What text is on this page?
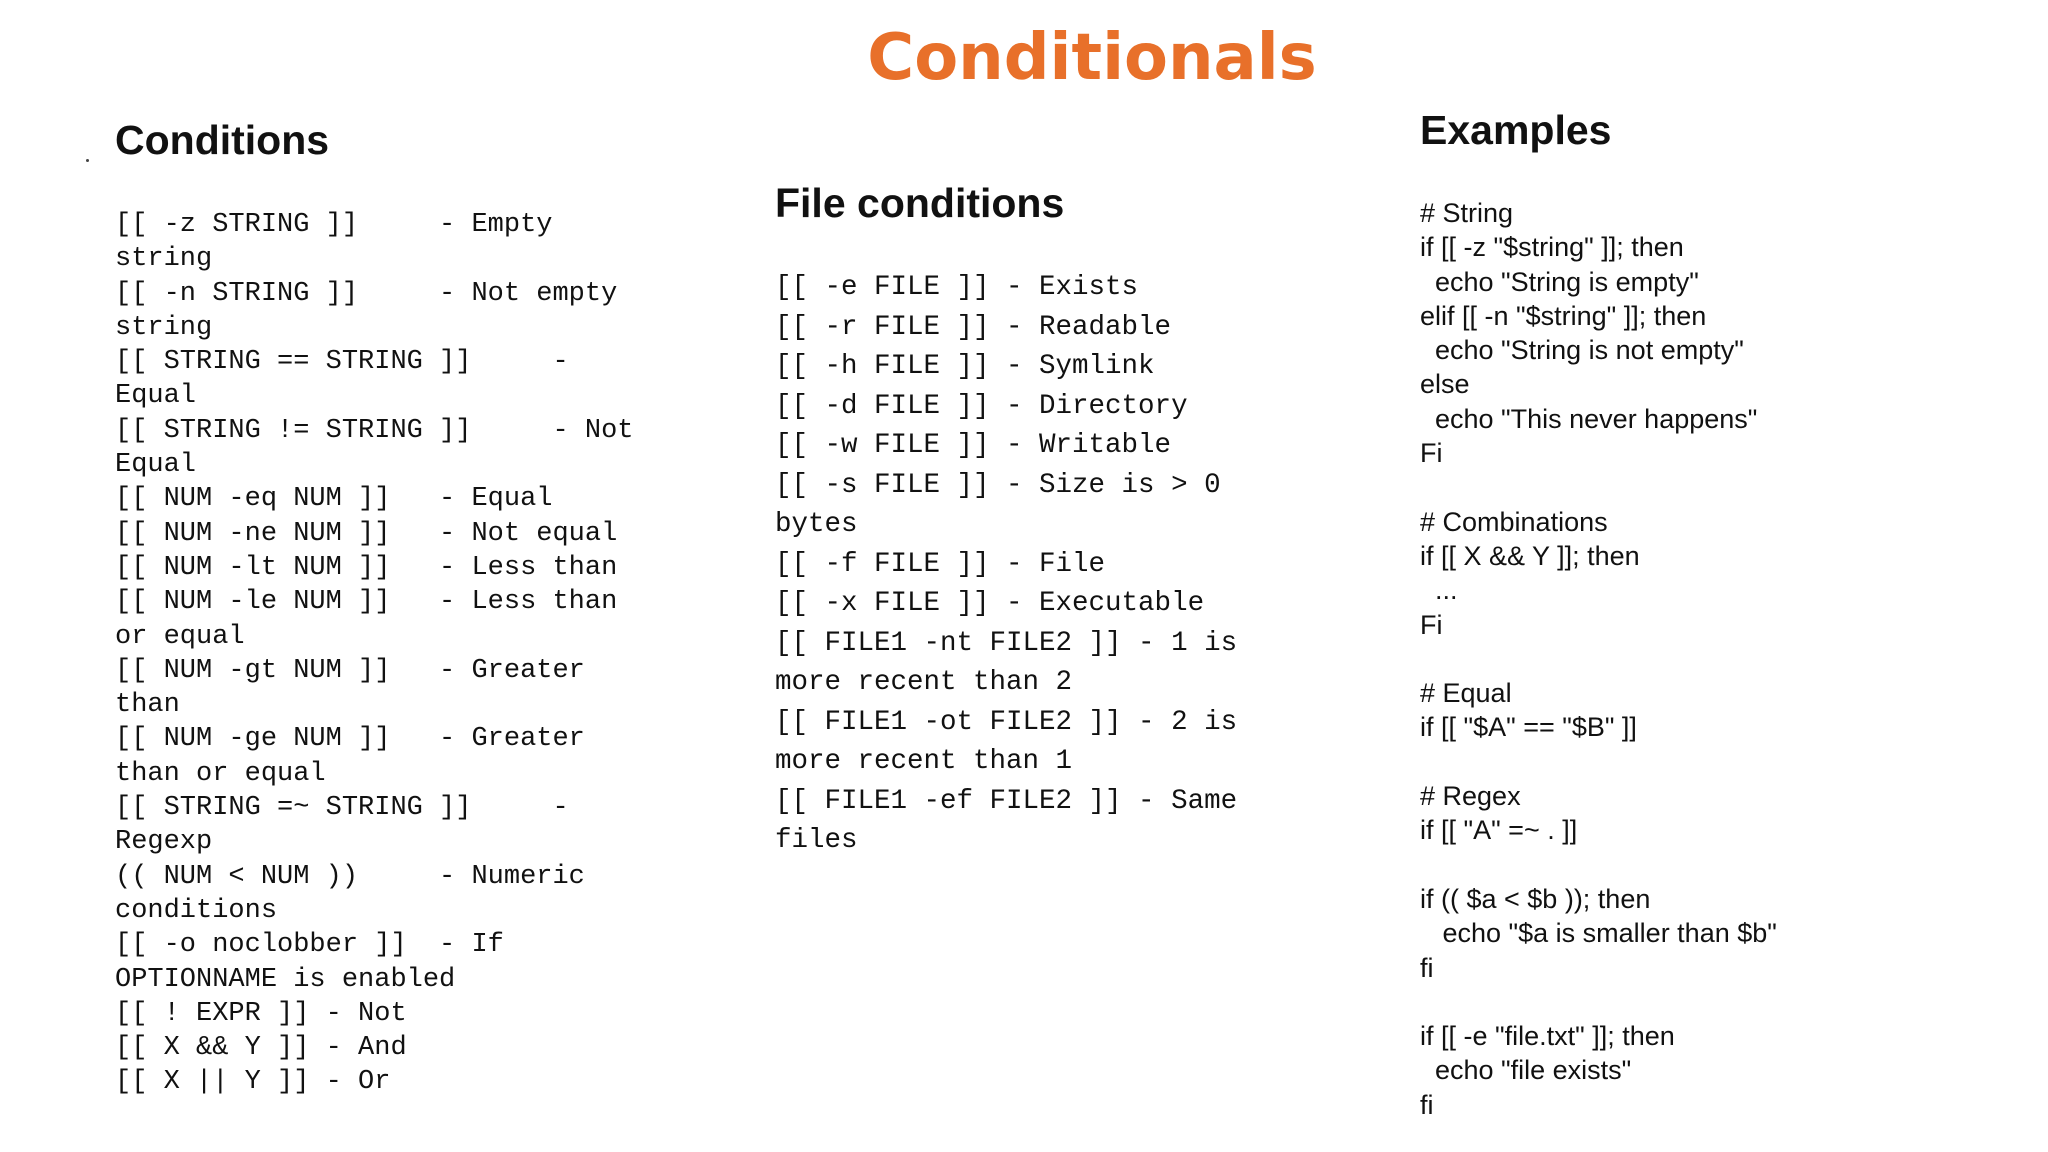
Conditionals
Conditions
[[ -z STRING ]]     - Empty
string
[[ -n STRING ]]     - Not empty
string
[[ STRING == STRING ]]     -
Equal
[[ STRING != STRING ]]     - Not
Equal
[[ NUM -eq NUM ]]   - Equal
[[ NUM -ne NUM ]]   - Not equal
[[ NUM -lt NUM ]]   - Less than
[[ NUM -le NUM ]]   - Less than
or equal
[[ NUM -gt NUM ]]   - Greater
than
[[ NUM -ge NUM ]]   - Greater
than or equal
[[ STRING =~ STRING ]]     -
Regexp
(( NUM < NUM ))     - Numeric
conditions
[[ -o noclobber ]]  - If
OPTIONNAME is enabled
[[ ! EXPR ]] - Not
[[ X && Y ]] - And
[[ X || Y ]] - Or
File conditions
[[ -e FILE ]] - Exists
[[ -r FILE ]] - Readable
[[ -h FILE ]] - Symlink
[[ -d FILE ]] - Directory
[[ -w FILE ]] - Writable
[[ -s FILE ]] - Size is > 0
bytes
[[ -f FILE ]] - File
[[ -x FILE ]] - Executable
[[ FILE1 -nt FILE2 ]] - 1 is
more recent than 2
[[ FILE1 -ot FILE2 ]] - 2 is
more recent than 1
[[ FILE1 -ef FILE2 ]] - Same
files
Examples
# String
if [[ -z "$string" ]]; then
echo "String is empty"
elif [[ -n "$string" ]]; then
echo "String is not empty"
else
echo "This never happens"
Fi
# Combinations
if [[ X && Y ]]; then
...
Fi
# Equal
if [[ "$A" == "$B" ]]
# Regex
if [[ "A" =~ . ]]
if (( $a < $b )); then
echo "$a is smaller than $b"
fi
if [[ -e "file.txt" ]]; then
echo "file exists"
fi
